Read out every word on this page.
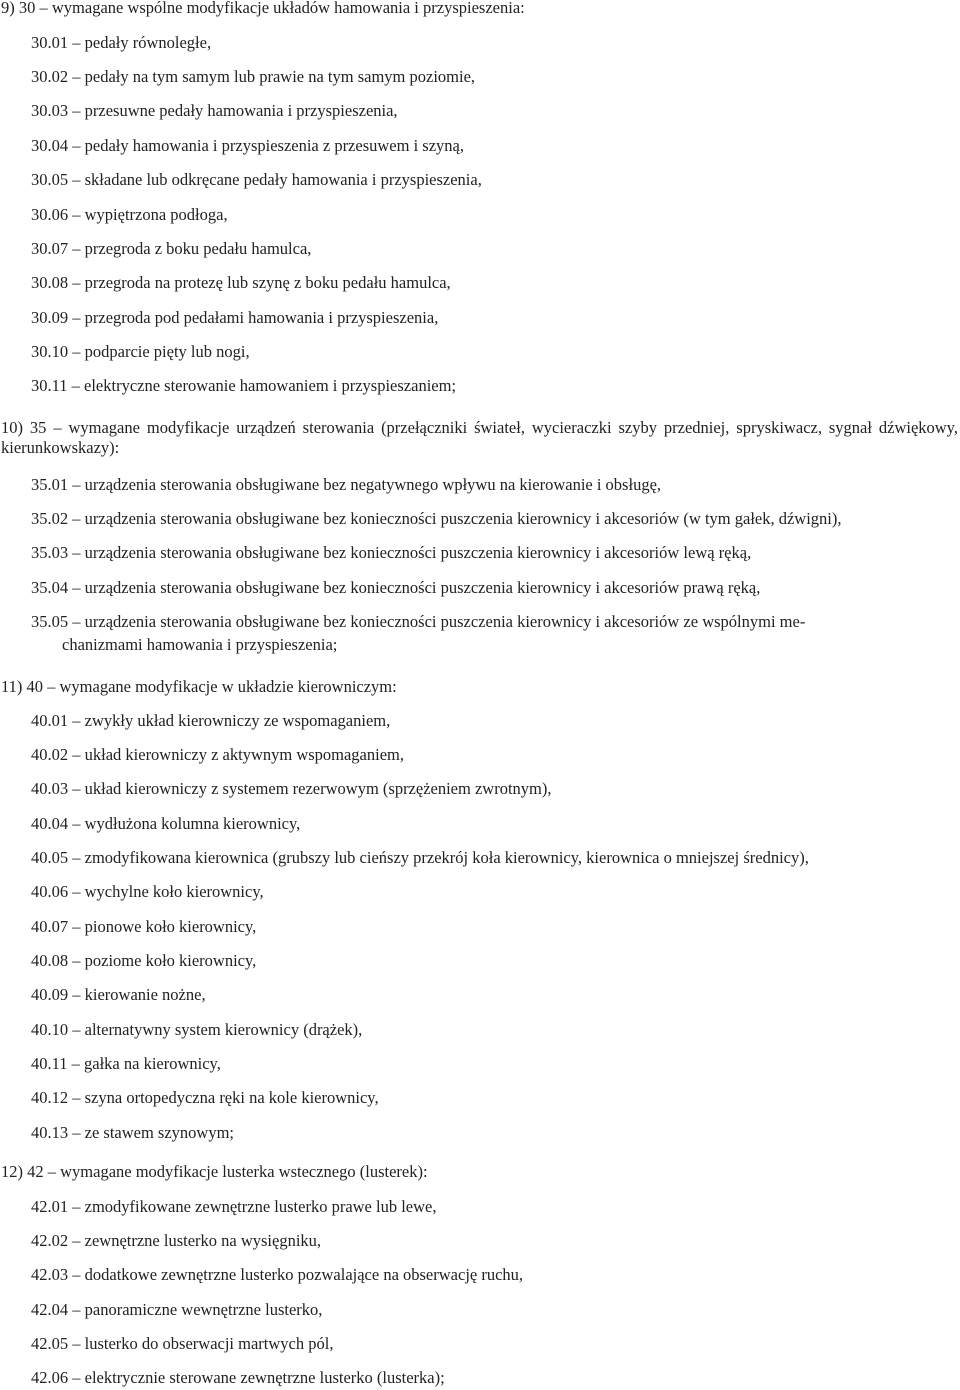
9) 30 – wymagane wspólne modyfikacje układów hamowania i przyspieszenia:
30.01 – pedały równoległe,
30.02 – pedały na tym samym lub prawie na tym samym poziomie,
30.03 – przesuwne pedały hamowania i przyspieszenia,
30.04 – pedały hamowania i przyspieszenia z przesuwem i szyną,
30.05 – składane lub odkręcane pedały hamowania i przyspieszenia,
30.06 – wypiętrzona podłoga,
30.07 – przegroda z boku pedału hamulca,
30.08 – przegroda na protezę lub szynę z boku pedału hamulca,
30.09 – przegroda pod pedałami hamowania i przyspieszenia,
30.10 – podparcie pięty lub nogi,
30.11 – elektryczne sterowanie hamowaniem i przyspieszaniem;
10) 35 – wymagane modyfikacje urządzeń sterowania (przełączniki świateł, wycieraczki szyby przedniej, spryskiwacz, sygnał dźwiękowy, kierunkowskazy):
35.01 – urządzenia sterowania obsługiwane bez negatywnego wpływu na kierowanie i obsługę,
35.02 – urządzenia sterowania obsługiwane bez konieczności puszczenia kierownicy i akcesoriów (w tym gałek, dźwigni),
35.03 – urządzenia sterowania obsługiwane bez konieczności puszczenia kierownicy i akcesoriów lewą ręką,
35.04 – urządzenia sterowania obsługiwane bez konieczności puszczenia kierownicy i akcesoriów prawą ręką,
35.05 – urządzenia sterowania obsługiwane bez konieczności puszczenia kierownicy i akcesoriów ze wspólnymi me-
chanizmami hamowania i przyspieszenia;
11) 40 – wymagane modyfikacje w układzie kierowniczym:
40.01 – zwykły układ kierowniczy ze wspomaganiem,
40.02 – układ kierowniczy z aktywnym wspomaganiem,
40.03 – układ kierowniczy z systemem rezerwowym (sprzężeniem zwrotnym),
40.04 – wydłużona kolumna kierownicy,
40.05 – zmodyfikowana kierownica (grubszy lub cieńszy przekrój koła kierownicy, kierownica o mniejszej średnicy),
40.06 – wychylne koło kierownicy,
40.07 – pionowe koło kierownicy,
40.08 – poziome koło kierownicy,
40.09 – kierowanie nożne,
40.10 – alternatywny system kierownicy (drążek),
40.11 – gałka na kierownicy,
40.12 – szyna ortopedyczna ręki na kole kierownicy,
40.13 – ze stawem szynowym;
12) 42 – wymagane modyfikacje lusterka wstecznego (lusterek):
42.01 – zmodyfikowane zewnętrzne lusterko prawe lub lewe,
42.02 – zewnętrzne lusterko na wysięgniku,
42.03 – dodatkowe zewnętrzne lusterko pozwalające na obserwację ruchu,
42.04 – panoramiczne wewnętrzne lusterko,
42.05 – lusterko do obserwacji martwych pól,
42.06 – elektrycznie sterowane zewnętrzne lusterko (lusterka);
